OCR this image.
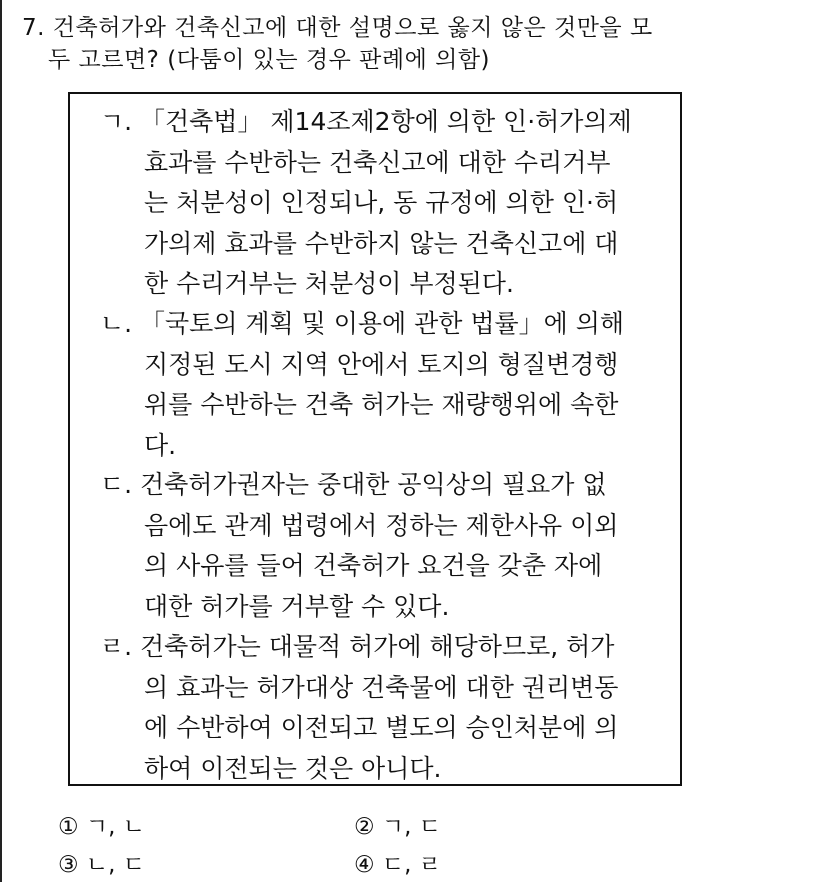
7. 건축허가와 건축신고에 대한 설명으로 옳지 않은 것만을 모
두 고르면? (다툼이 있는 경우 판례에 의함)
ㄱ. 「건축법」 제14조제2항에 의한 인·허가의제
효과를 수반하는 건축신고에 대한 수리거부
는 처분성이 인정되나, 동 규정에 의한 인·허
가의제 효과를 수반하지 않는 건축신고에 대
한 수리거부는 처분성이 부정된다.
ㄴ. 「국토의 계획 및 이용에 관한 법률」에 의해
지정된 도시 지역 안에서 토지의 형질변경행
위를 수반하는 건축 허가는 재량행위에 속한
다.
ㄷ. 건축허가권자는 중대한 공익상의 필요가 없
음에도 관계 법령에서 정하는 제한사유 이외
의 사유를 들어 건축허가 요건을 갖춘 자에
대한 허가를 거부할 수 있다.
ㄹ. 건축허가는 대물적 허가에 해당하므로, 허가
의 효과는 허가대상 건축물에 대한 권리변동
에 수반하여 이전되고 별도의 승인처분에 의
하여 이전되는 것은 아니다.
① ㄱ, ㄴ	② ㄱ, ㄷ
③ ㄴ, ㄷ	④ ㄷ, ㄹ
